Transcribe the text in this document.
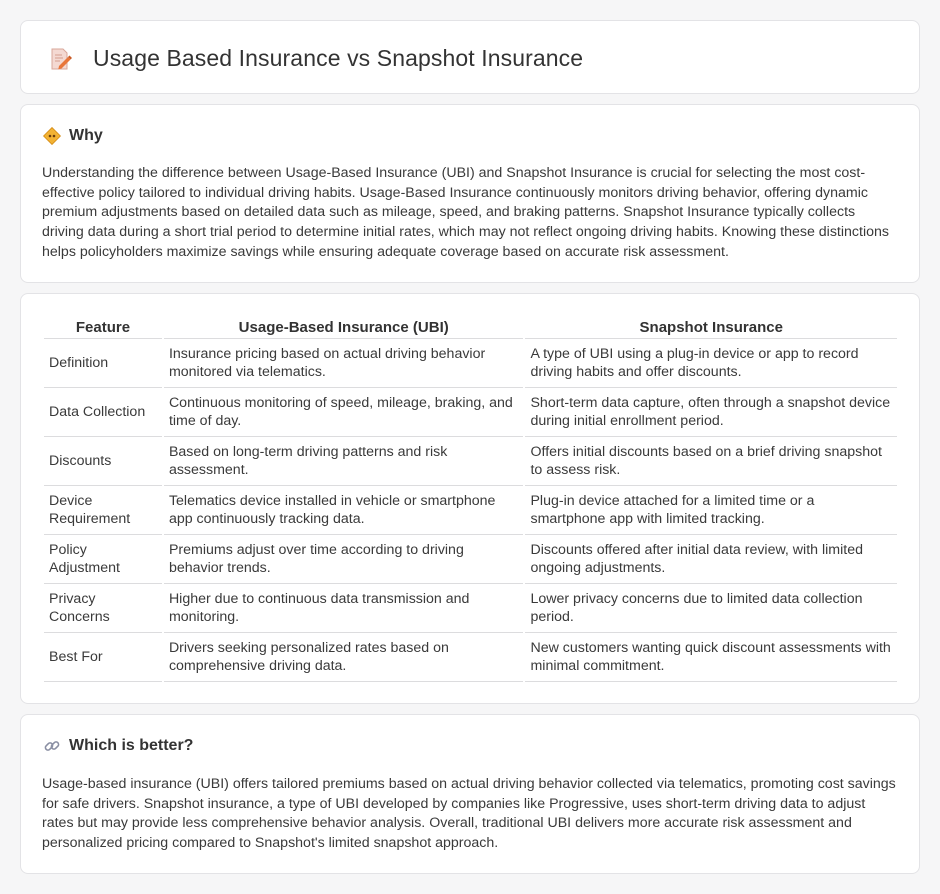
Usage Based Insurance vs Snapshot Insurance
Why

Understanding the difference between Usage-Based Insurance (UBI) and Snapshot Insurance is crucial for selecting the most cost-effective policy tailored to individual driving habits. Usage-Based Insurance continuously monitors driving behavior, offering dynamic premium adjustments based on detailed data such as mileage, speed, and braking patterns. Snapshot Insurance typically collects driving data during a short trial period to determine initial rates, which may not reflect ongoing driving habits. Knowing these distinctions helps policyholders maximize savings while ensuring adequate coverage based on accurate risk assessment.

Feature	Usage-Based Insurance (UBI)	Snapshot Insurance
Definition	Insurance pricing based on actual driving behavior monitored via telematics.	A type of UBI using a plug-in device or app to record driving habits and offer discounts.
Data Collection	Continuous monitoring of speed, mileage, braking, and time of day.	Short-term data capture, often through a snapshot device during initial enrollment period.
Discounts	Based on long-term driving patterns and risk assessment.	Offers initial discounts based on a brief driving snapshot to assess risk.
Device Requirement	Telematics device installed in vehicle or smartphone app continuously tracking data.	Plug-in device attached for a limited time or a smartphone app with limited tracking.
Policy Adjustment	Premiums adjust over time according to driving behavior trends.	Discounts offered after initial data review, with limited ongoing adjustments.
Privacy Concerns	Higher due to continuous data transmission and monitoring.	Lower privacy concerns due to limited data collection period.
Best For	Drivers seeking personalized rates based on comprehensive driving data.	New customers wanting quick discount assessments with minimal commitment.
Which is better?

Usage-based insurance (UBI) offers tailored premiums based on actual driving behavior collected via telematics, promoting cost savings for safe drivers. Snapshot insurance, a type of UBI developed by companies like Progressive, uses short-term driving data to adjust rates but may provide less comprehensive behavior analysis. Overall, traditional UBI delivers more accurate risk assessment and personalized pricing compared to Snapshot's limited snapshot approach.
